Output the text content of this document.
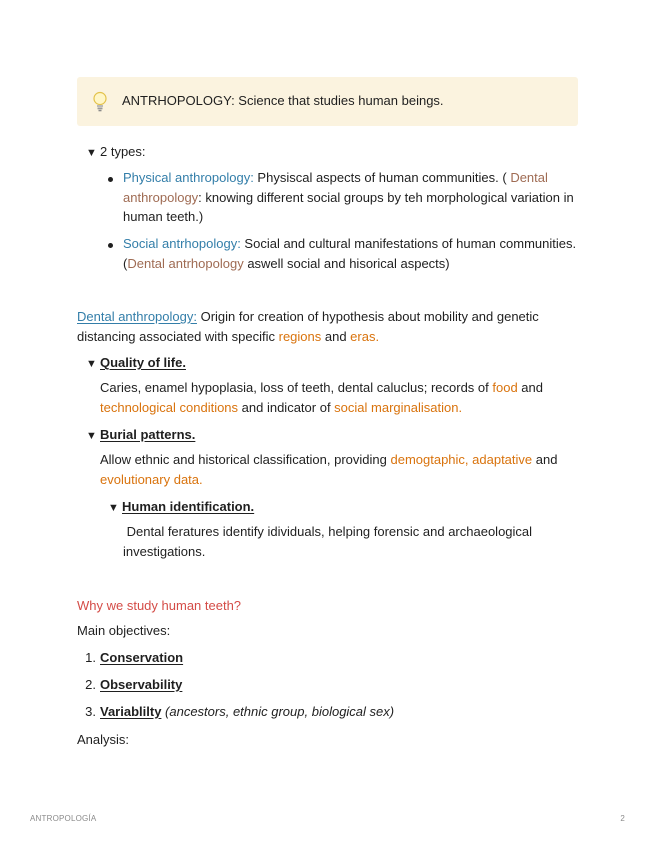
ANTRHOPOLOGY: Science that studies human beings.
▼ 2 types:
Physical anthropology: Physiscal aspects of human communities. ( Dental anthropology: knowing different social groups by teh morphological variation in human teeth.)
Social antrhopology: Social and cultural manifestations of human communities. (Dental antrhopology aswell social and hisorical aspects)
Dental anthropology: Origin for creation of hypothesis about mobility and genetic distancing associated with specific regions and eras.
▼ Quality of life.
Caries, enamel hypoplasia, loss of teeth, dental caluclus; records of food and technological conditions and indicator of social marginalisation.
▼ Burial patterns.
Allow ethnic and historical classification, providing demogtaphic, adaptative and evolutionary data.
▼ Human identification.
Dental feratures identify idividuals, helping forensic and archaeological investigations.
Why we study human teeth?
Main objectives:
1. Conservation
2. Observability
3. Variablilty (ancestors, ethnic group, biological sex)
Analysis:
ANTROPOLOGÍA	2
